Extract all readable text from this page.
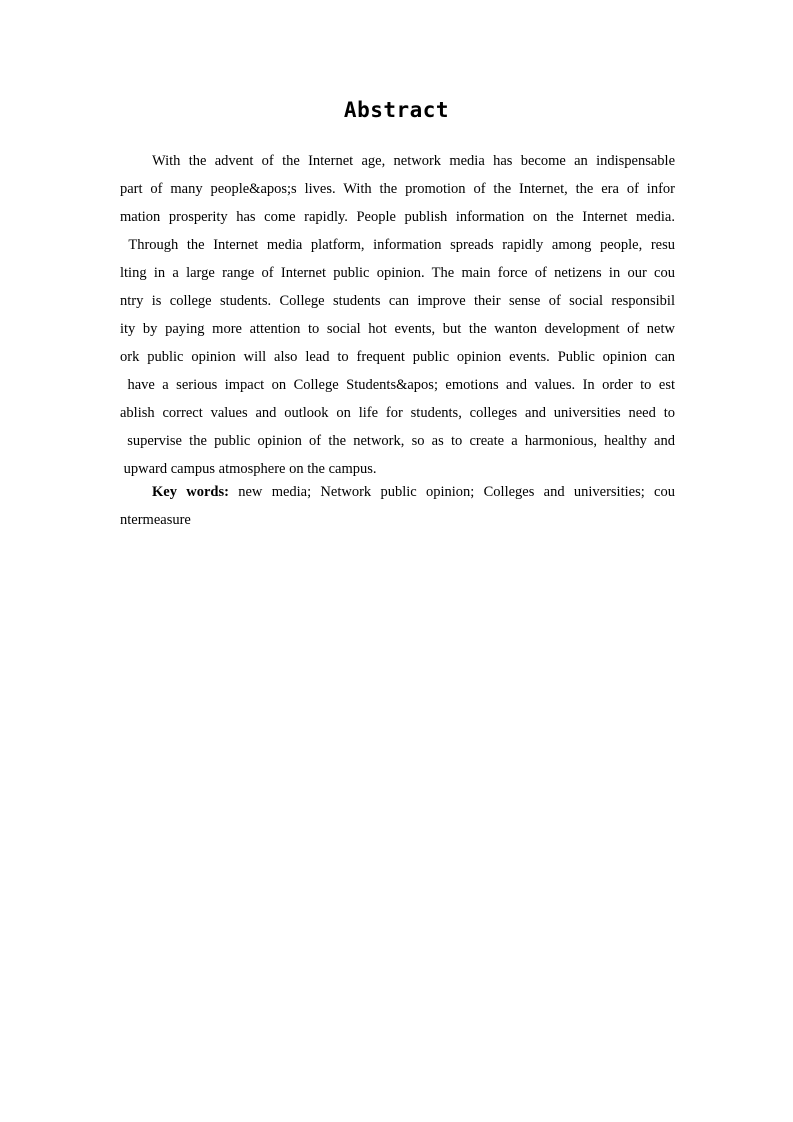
Abstract
With the advent of the Internet age, network media has become an indispensable
part of many people&apos;s lives. With the promotion of the Internet, the era of infor
mation prosperity has come rapidly. People publish information on the Internet media.
Through the Internet media platform, information spreads rapidly among people, resu
lting in a large range of Internet public opinion. The main force of netizens in our cou
ntry is college students. College students can improve their sense of social responsibil
ity by paying more attention to social hot events, but the wanton development of netw
ork public opinion will also lead to frequent public opinion events. Public opinion can
have a serious impact on College Students&apos; emotions and values. In order to est
ablish correct values and outlook on life for students, colleges and universities need to
supervise the public opinion of the network, so as to create a harmonious, healthy and
upward campus atmosphere on the campus.
Key words: new media; Network public opinion; Colleges and universities; cou
ntermeasure
